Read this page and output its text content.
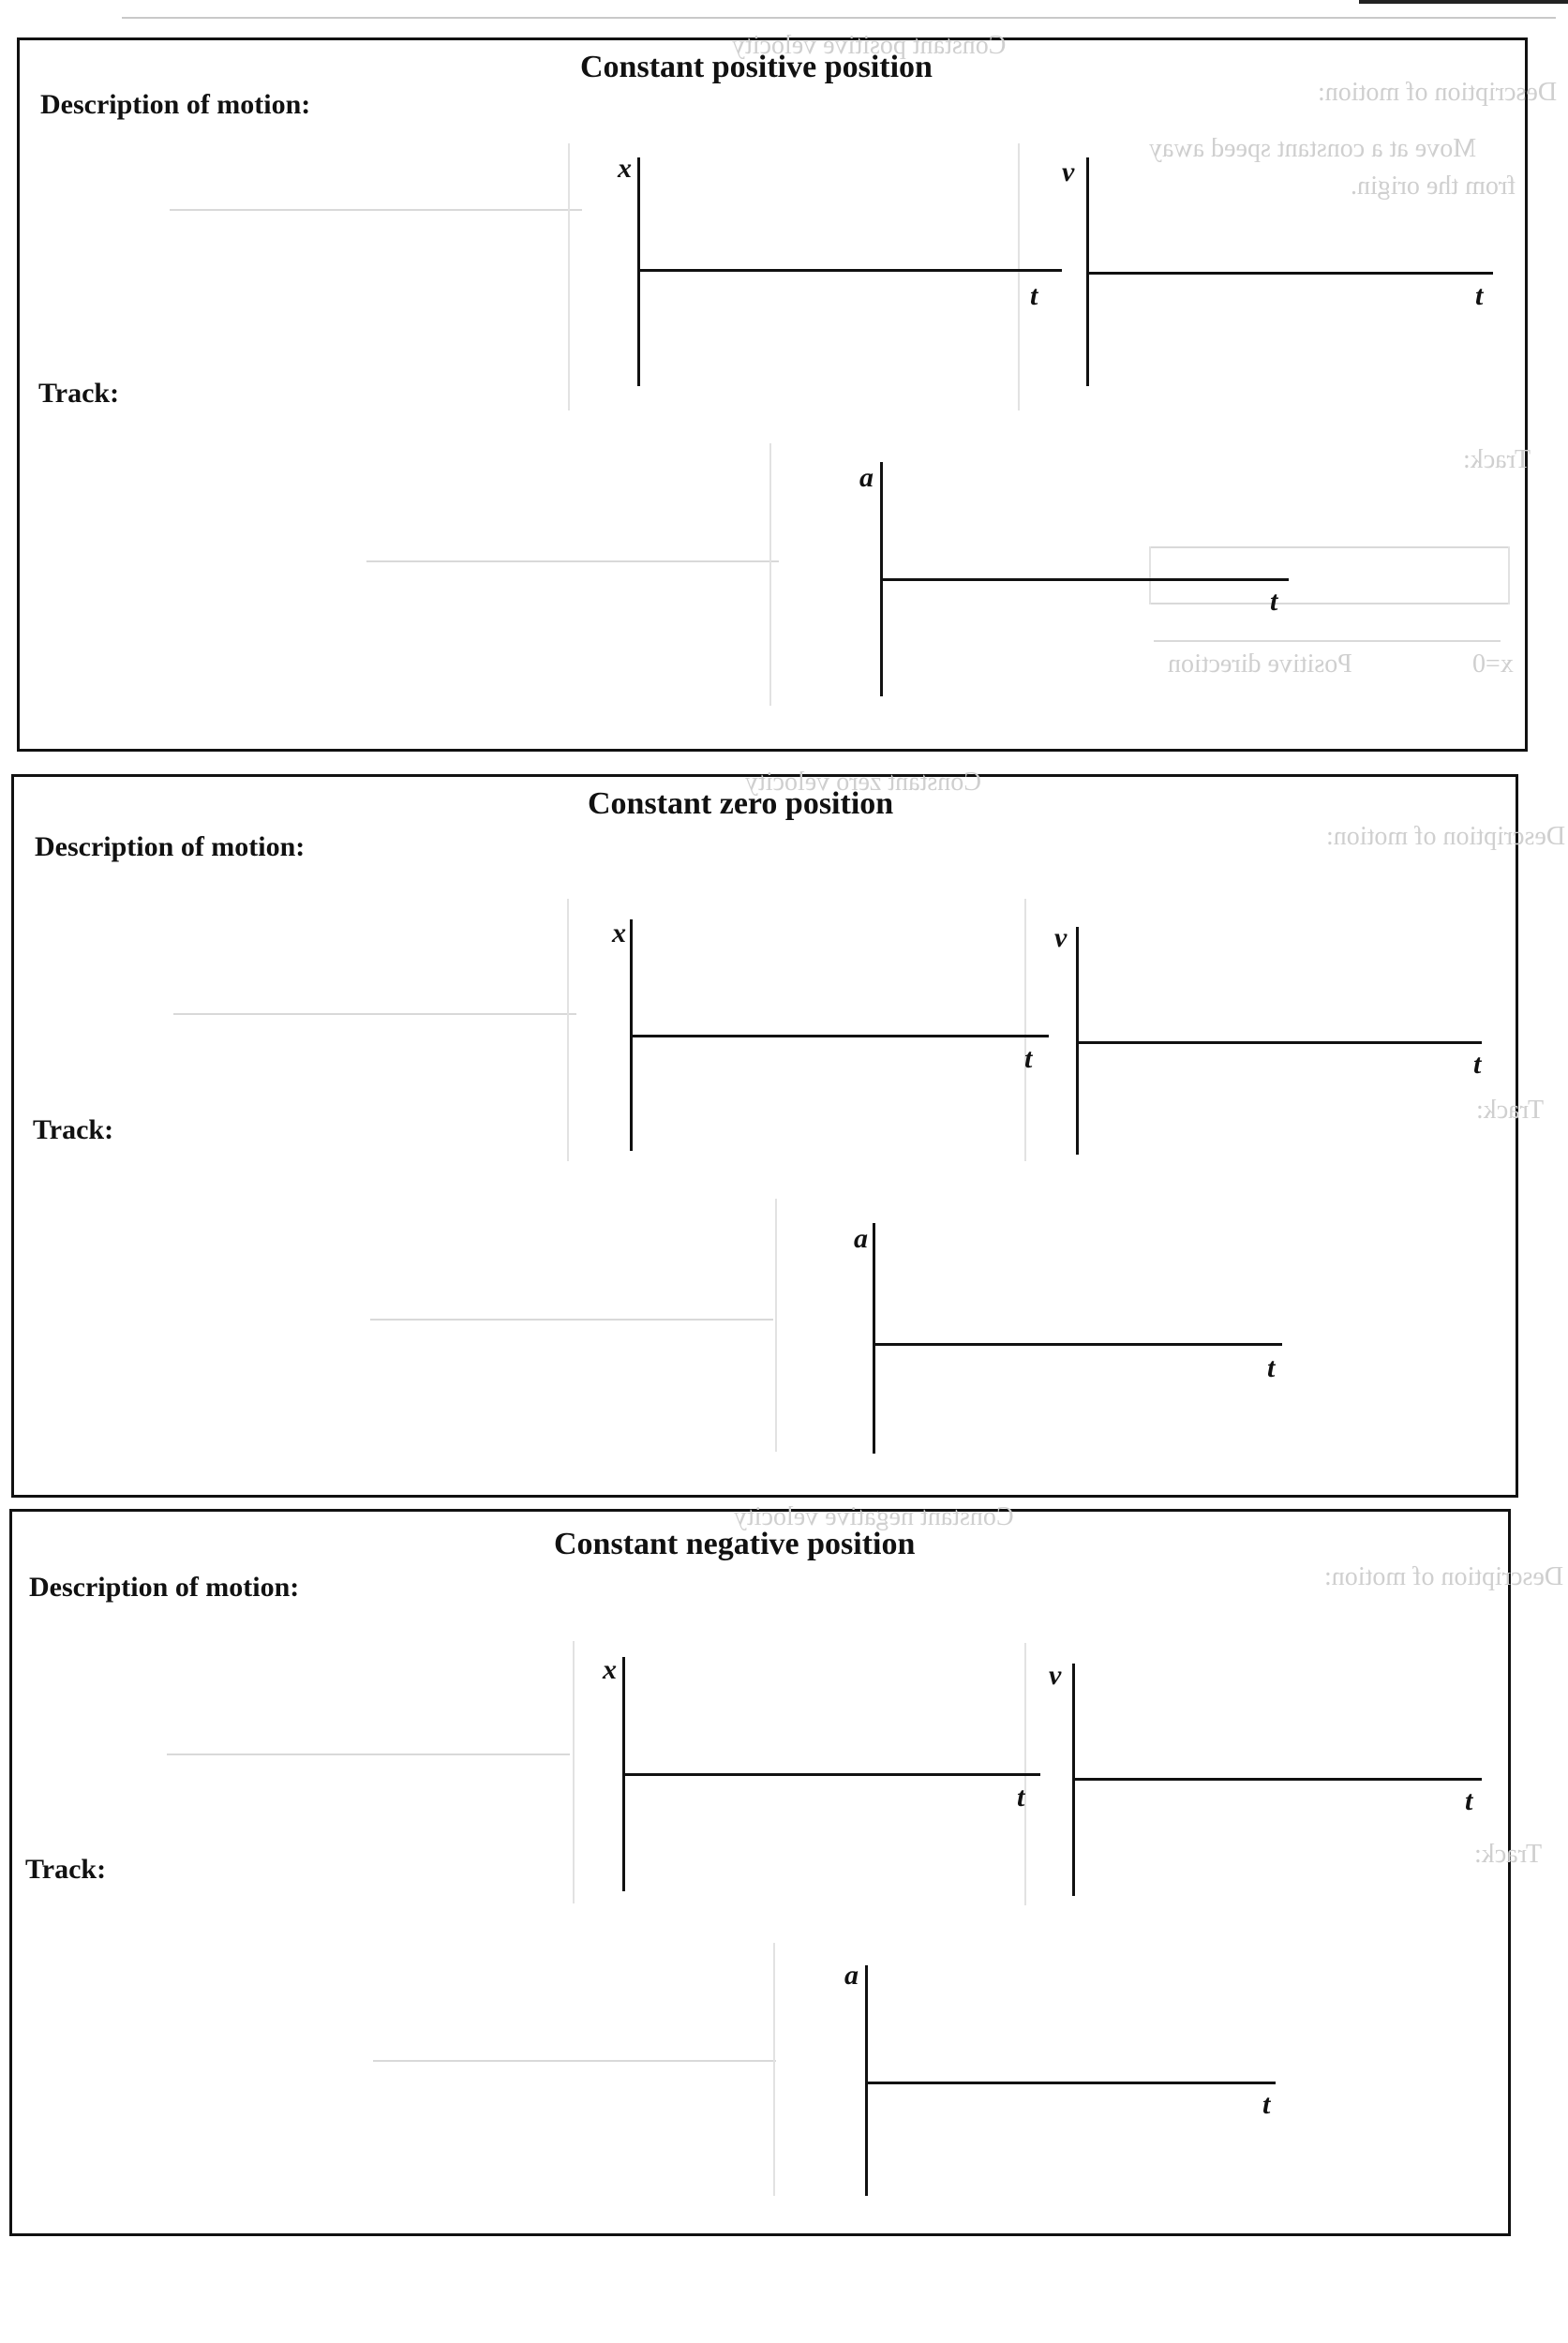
Constant positive velocity
Description of motion:
Move at a constant speed away
from the origin.
Track:
Positive direction	x=0
Constant positive position
Description of motion:
Track:
x
t
v
t
a
t
Constant zero velocity
Description of motion:
Track:
Constant zero position
Description of motion:
Track:
x
t
v
t
a
t
Constant negative velocity
Description of motion:
Track:
Constant negative position
Description of motion:
Track:
x
t
v
t
a
t
